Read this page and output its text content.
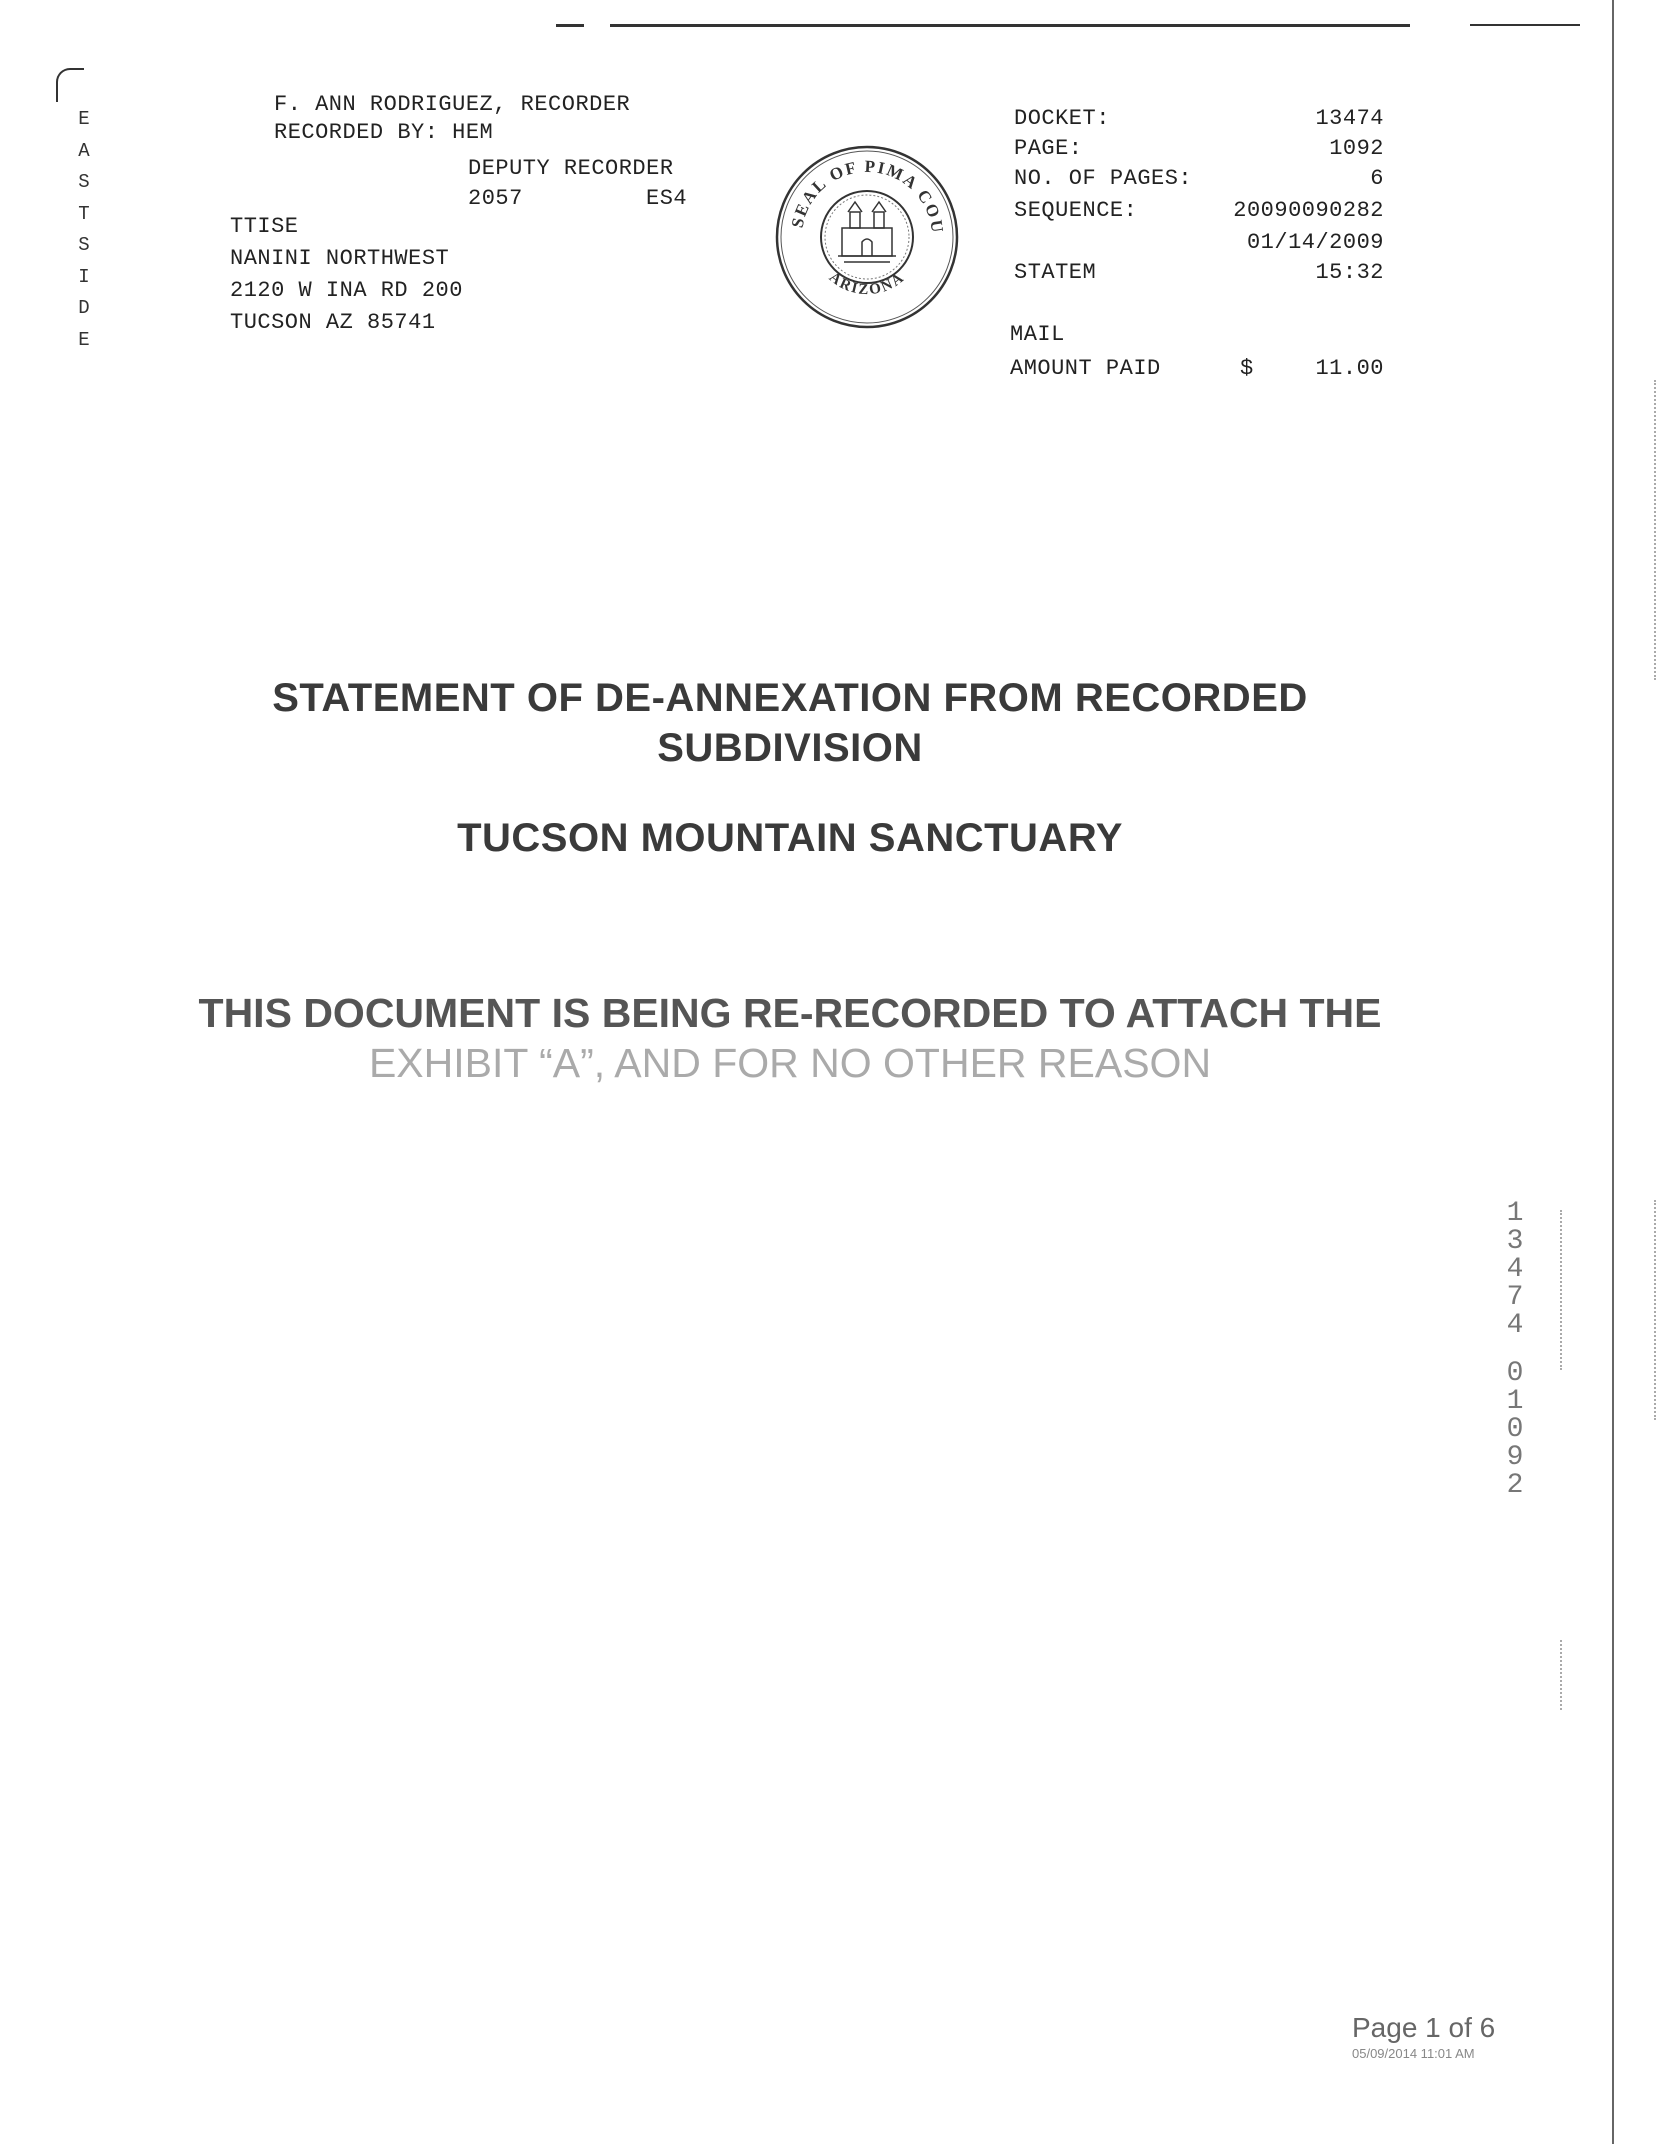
E
A
S
T
S
I
D
E
F. ANN RODRIGUEZ, RECORDER
RECORDED BY: HEM
DEPUTY RECORDER
2057	ES4
TTISE
NANINI NORTHWEST
2120 W INA RD 200
TUCSON AZ 85741
SEAL OF PIMA COU
ARIZONA
DOCKET:	13474
PAGE:	1092
NO. OF PAGES:	6
SEQUENCE:	20090090282
01/14/2009
STATEM	15:32
MAIL
AMOUNT PAID	$	11.00
STATEMENT OF DE-ANNEXATION FROM RECORDED
SUBDIVISION
TUCSON MOUNTAIN SANCTUARY
THIS DOCUMENT IS BEING RE-RECORDED TO ATTACH THE
EXHIBIT “A”, AND FOR NO OTHER REASON
1
3
4
7
4
0
1
0
9
2
Page 1 of 6
05/09/2014 11:01 AM
